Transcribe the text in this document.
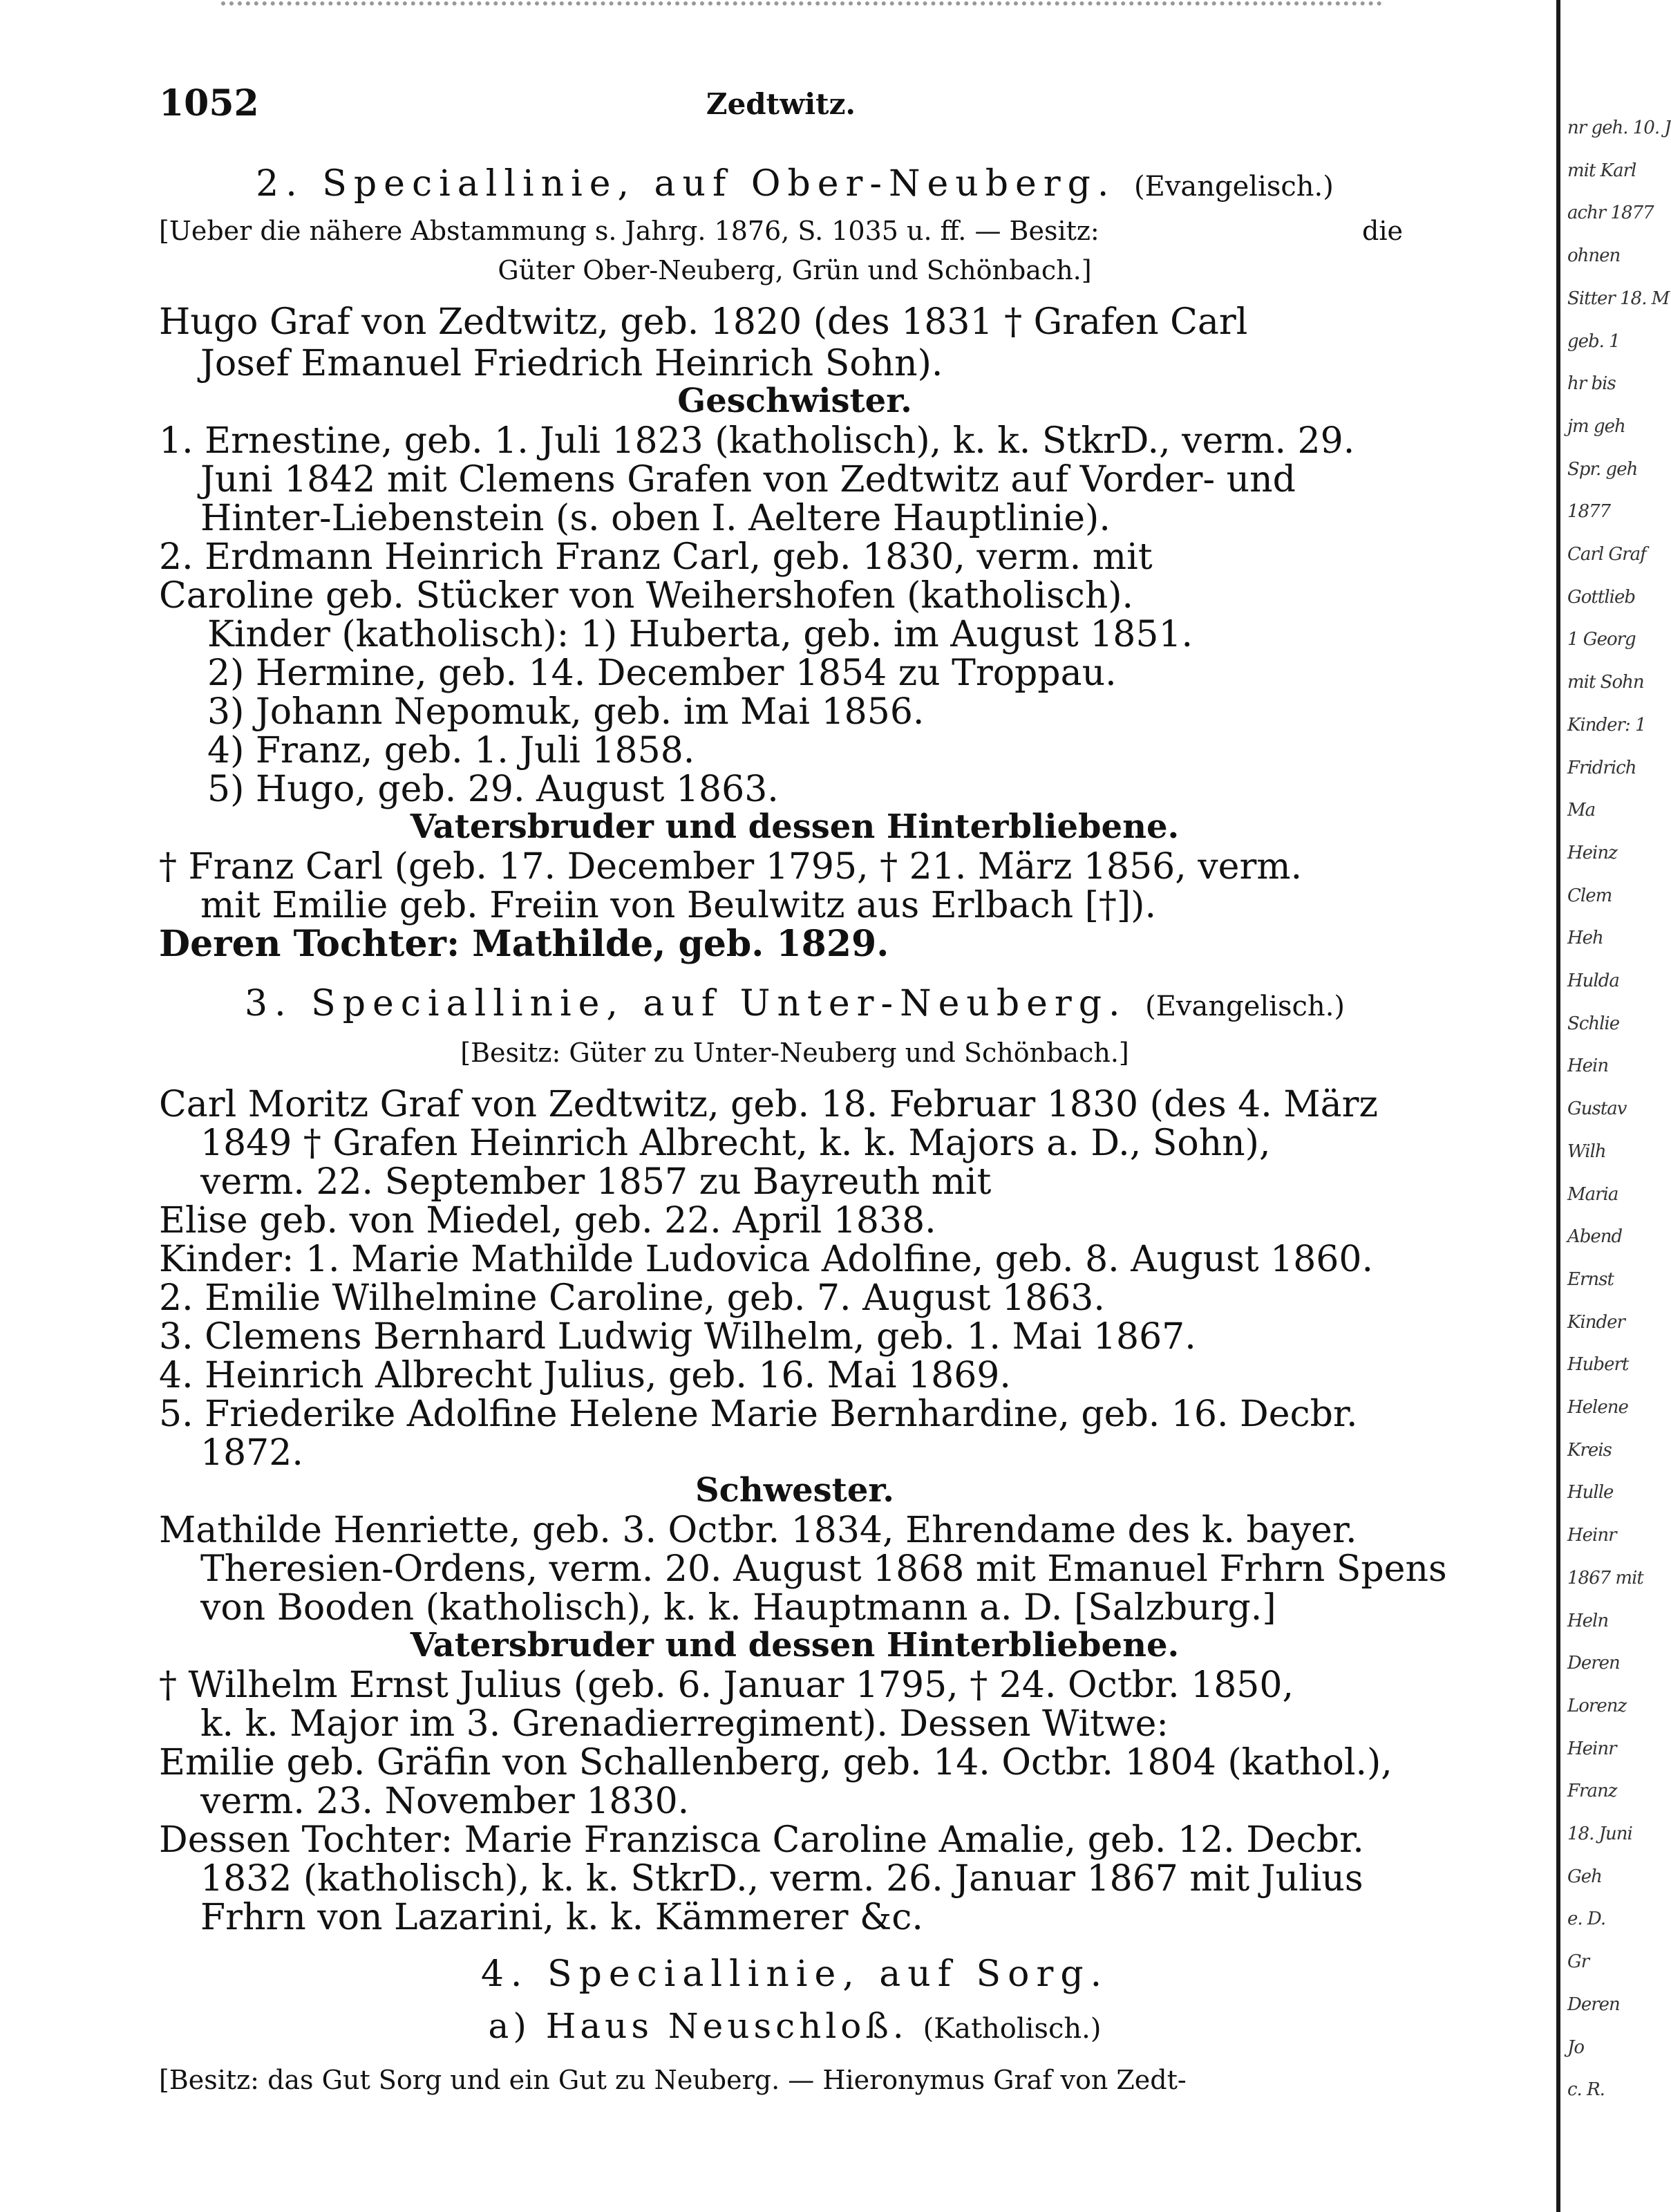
1052	Zedtwitz.
2. Speciallinie, auf Ober-Neuberg. (Evangelisch.)
[Ueber die nähere Abstammung s. Jahrg. 1876, S. 1035 u. ff. — Besitz:	die
Güter Ober-Neuberg, Grün und Schönbach.]
Hugo Graf von Zedtwitz, geb. 1820 (des 1831 † Grafen Carl
Josef Emanuel Friedrich Heinrich Sohn).
Geschwister.
1. Ernestine, geb. 1. Juli 1823 (katholisch), k. k. StkrD., verm. 29.
Juni 1842 mit Clemens Grafen von Zedtwitz auf Vorder- und
Hinter-Liebenstein (s. oben I. Aeltere Hauptlinie).
2. Erdmann Heinrich Franz Carl, geb. 1830, verm. mit
Caroline geb. Stücker von Weihershofen (katholisch).
Kinder (katholisch): 1) Huberta, geb. im August 1851.
2) Hermine, geb. 14. December 1854 zu Troppau.
3) Johann Nepomuk, geb. im Mai 1856.
4) Franz, geb. 1. Juli 1858.
5) Hugo, geb. 29. August 1863.
Vatersbruder und dessen Hinterbliebene.
† Franz Carl (geb. 17. December 1795, † 21. März 1856, verm.
mit Emilie geb. Freiin von Beulwitz aus Erlbach [†]).
Deren Tochter: Mathilde, geb. 1829.
3. Speciallinie, auf Unter-Neuberg. (Evangelisch.)
[Besitz: Güter zu Unter-Neuberg und Schönbach.]
Carl Moritz Graf von Zedtwitz, geb. 18. Februar 1830 (des 4. März
1849 † Grafen Heinrich Albrecht, k. k. Majors a. D., Sohn),
verm. 22. September 1857 zu Bayreuth mit
Elise geb. von Miedel, geb. 22. April 1838.
Kinder: 1. Marie Mathilde Ludovica Adolfine, geb. 8. August 1860.
2. Emilie Wilhelmine Caroline, geb. 7. August 1863.
3. Clemens Bernhard Ludwig Wilhelm, geb. 1. Mai 1867.
4. Heinrich Albrecht Julius, geb. 16. Mai 1869.
5. Friederike Adolfine Helene Marie Bernhardine, geb. 16. Decbr.
1872.
Schwester.
Mathilde Henriette, geb. 3. Octbr. 1834, Ehrendame des k. bayer.
Theresien-Ordens, verm. 20. August 1868 mit Emanuel Frhrn Spens
von Booden (katholisch), k. k. Hauptmann a. D. [Salzburg.]
Vatersbruder und dessen Hinterbliebene.
† Wilhelm Ernst Julius (geb. 6. Januar 1795, † 24. Octbr. 1850,
k. k. Major im 3. Grenadierregiment). Dessen Witwe:
Emilie geb. Gräfin von Schallenberg, geb. 14. Octbr. 1804 (kathol.),
verm. 23. November 1830.
Dessen Tochter: Marie Franzisca Caroline Amalie, geb. 12. Decbr.
1832 (katholisch), k. k. StkrD., verm. 26. Januar 1867 mit Julius
Frhrn von Lazarini, k. k. Kämmerer &c.
4. Speciallinie, auf Sorg.
a) Haus Neuschloß. (Katholisch.)
[Besitz: das Gut Sorg und ein Gut zu Neuberg. — Hieronymus Graf von Zedt-
nr geh. 10. J
mit Karl
achr 1877
ohnen
Sitter 18. M
geb. 1
hr bis
jm geh
Spr. geh
1877
Carl Graf
Gottlieb
1 Georg
mit Sohn
Kinder: 1
Fridrich
Ma
Heinz
Clem
Heh
Hulda
Schlie
Hein
Gustav
Wilh
Maria
Abend
Ernst
Kinder
Hubert
Helene
Kreis
Hulle
Heinr
1867 mit
Heln
Deren
Lorenz
Heinr
Franz
18. Juni
Geh
e. D.
Gr
Deren
Jo
c. R.
